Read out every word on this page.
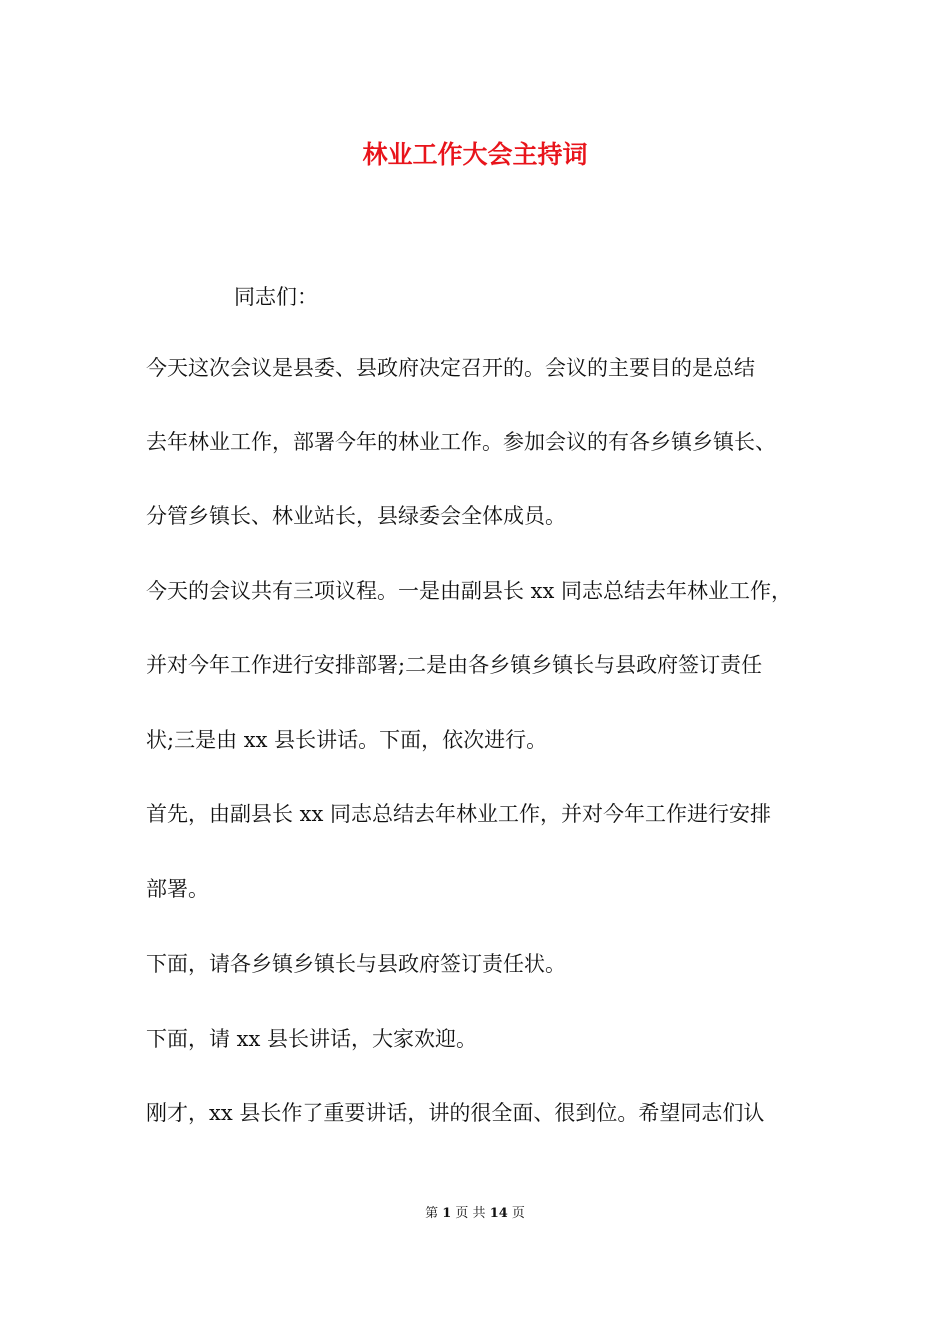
林业工作大会主持词
同志们：
今天这次会议是县委、县政府决定召开的。会议的主要目的是总结
去年林业工作，部署今年的林业工作。参加会议的有各乡镇乡镇长、
分管乡镇长、林业站长，县绿委会全体成员。
今天的会议共有三项议程。一是由副县长 xx 同志总结去年林业工作，
并对今年工作进行安排部署;二是由各乡镇乡镇长与县政府签订责任
状;三是由 xx 县长讲话。下面，依次进行。
首先，由副县长 xx 同志总结去年林业工作，并对今年工作进行安排
部署。
下面，请各乡镇乡镇长与县政府签订责任状。
下面，请 xx 县长讲话，大家欢迎。
刚才，xx 县长作了重要讲话，讲的很全面、很到位。希望同志们认
第 1 页 共 14 页
